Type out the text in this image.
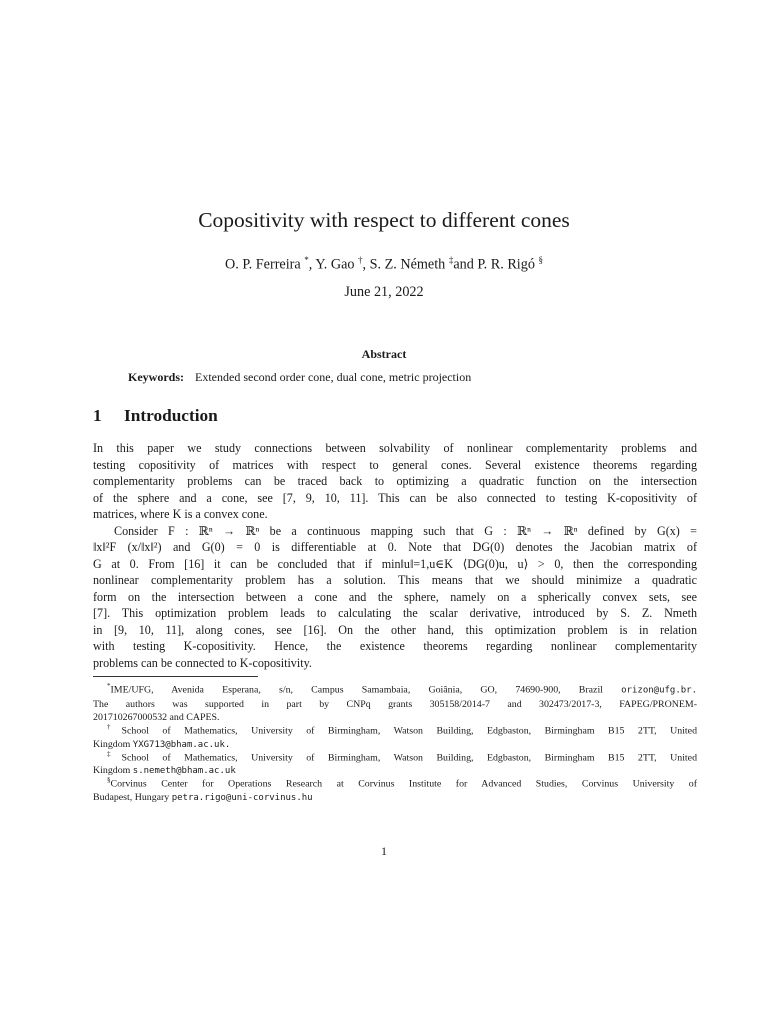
Copositivity with respect to different cones
O. P. Ferreira *, Y. Gao †, S. Z. Németh ‡and P. R. Rigó §
June 21, 2022
Abstract
Keywords: Extended second order cone, dual cone, metric projection
1 Introduction
In this paper we study connections between solvability of nonlinear complementarity problems and
testing copositivity of matrices with respect to general cones. Several existence theorems regarding
complementarity problems can be traced back to optimizing a quadratic function on the intersection
of the sphere and a cone, see [7, 9, 10, 11]. This can be also connected to testing K-copositivity of
matrices, where K is a convex cone.
Consider F : ℝⁿ → ℝⁿ be a continuous mapping such that G : ℝⁿ → ℝⁿ defined by G(x) =
‖x‖²F (x/‖x‖²) and G(0) = 0 is differentiable at 0. Note that DG(0) denotes the Jacobian matrix of
G at 0. From [16] it can be concluded that if min‖u‖=1,u∈K ⟨DG(0)u, u⟩ > 0, then the corresponding
nonlinear complementarity problem has a solution. This means that we should minimize a quadratic
form on the intersection between a cone and the sphere, namely on a spherically convex sets, see
[7]. This optimization problem leads to calculating the scalar derivative, introduced by S. Z. Nmeth
in [9, 10, 11], along cones, see [16]. On the other hand, this optimization problem is in relation
with testing K-copositivity. Hence, the existence theorems regarding nonlinear complementarity
problems can be connected to K-copositivity.
*IME/UFG, Avenida Esperana, s/n, Campus Samambaia, Goiânia, GO, 74690-900, Brazil orizon@ufg.br.
The authors was supported in part by CNPq grants 305158/2014-7 and 302473/2017-3, FAPEG/PRONEM-
201710267000532 and CAPES.
†School of Mathematics, University of Birmingham, Watson Building, Edgbaston, Birmingham B15 2TT, United
Kingdom YXG713@bham.ac.uk.
‡School of Mathematics, University of Birmingham, Watson Building, Edgbaston, Birmingham B15 2TT, United
Kingdom s.nemeth@bham.ac.uk
§Corvinus Center for Operations Research at Corvinus Institute for Advanced Studies, Corvinus University of
Budapest, Hungary petra.rigo@uni-corvinus.hu
1
